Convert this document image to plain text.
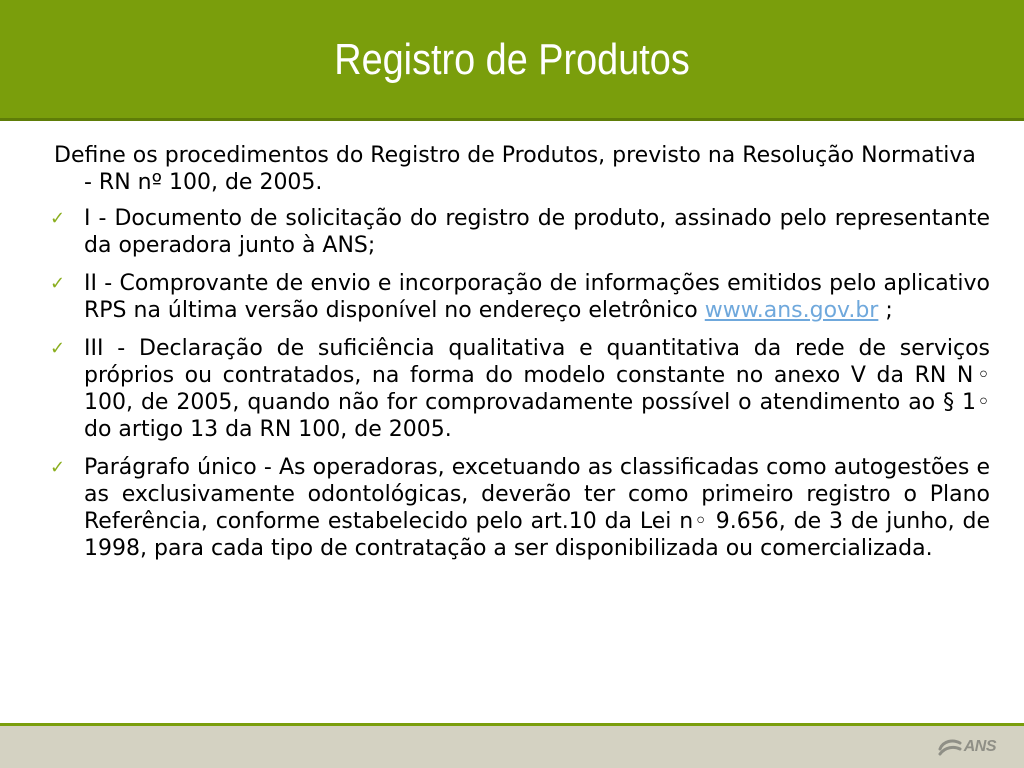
Registro de Produtos

Define os procedimentos do Registro de Produtos, previsto na Resolução Normativa - RN nº 100, de 2005.

✓ I - Documento de solicitação do registro de produto, assinado pelo representante da operadora junto à ANS;
✓ II - Comprovante de envio e incorporação de informações emitidos pelo aplicativo RPS na última versão disponível no endereço eletrônico www.ans.gov.br ;
✓ III - Declaração de suficiência qualitativa e quantitativa da rede de serviços próprios ou contratados, na forma do modelo constante no anexo V da RN N◦ 100, de 2005, quando não for comprovadamente possível o atendimento ao § 1◦ do artigo 13 da RN 100, de 2005.
✓ Parágrafo único - As operadoras, excetuando as classificadas como autogestões e as exclusivamente odontológicas, deverão ter como primeiro registro o Plano Referência, conforme estabelecido pelo art.10 da Lei n◦ 9.656, de 3 de junho, de 1998, para cada tipo de contratação a ser disponibilizada ou comercializada.
ANS
